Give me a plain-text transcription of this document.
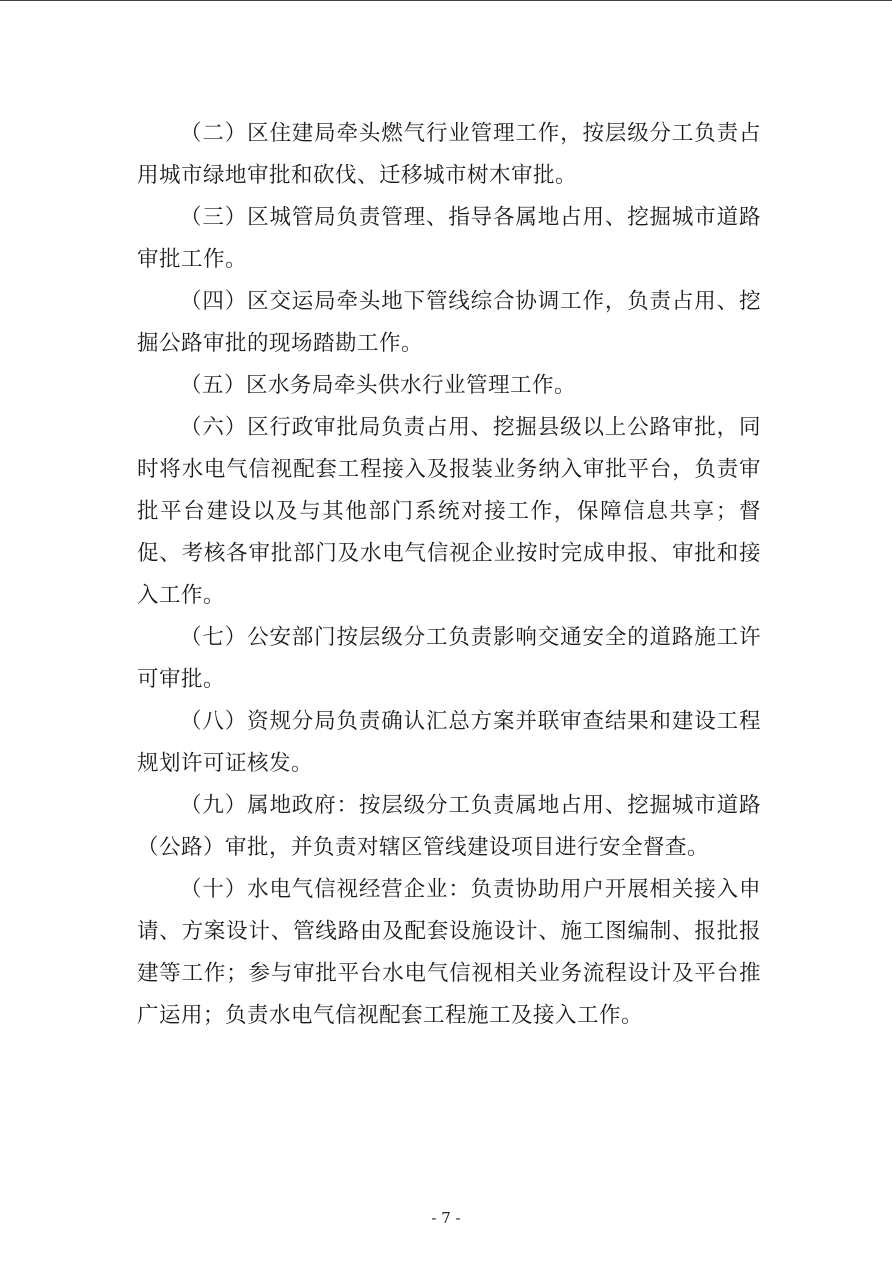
（二）区住建局牵头燃气行业管理工作，按层级分工负责占用城市绿地审批和砍伐、迁移城市树木审批。

（三）区城管局负责管理、指导各属地占用、挖掘城市道路审批工作。

（四）区交运局牵头地下管线综合协调工作，负责占用、挖掘公路审批的现场踏勘工作。

（五）区水务局牵头供水行业管理工作。

（六）区行政审批局负责占用、挖掘县级以上公路审批，同时将水电气信视配套工程接入及报装业务纳入审批平台，负责审批平台建设以及与其他部门系统对接工作，保障信息共享；督促、考核各审批部门及水电气信视企业按时完成申报、审批和接入工作。

（七）公安部门按层级分工负责影响交通安全的道路施工许可审批。

（八）资规分局负责确认汇总方案并联审查结果和建设工程规划许可证核发。

（九）属地政府：按层级分工负责属地占用、挖掘城市道路（公路）审批，并负责对辖区管线建设项目进行安全督查。

（十）水电气信视经营企业：负责协助用户开展相关接入申请、方案设计、管线路由及配套设施设计、施工图编制、报批报建等工作；参与审批平台水电气信视相关业务流程设计及平台推广运用；负责水电气信视配套工程施工及接入工作。

- 7 -
